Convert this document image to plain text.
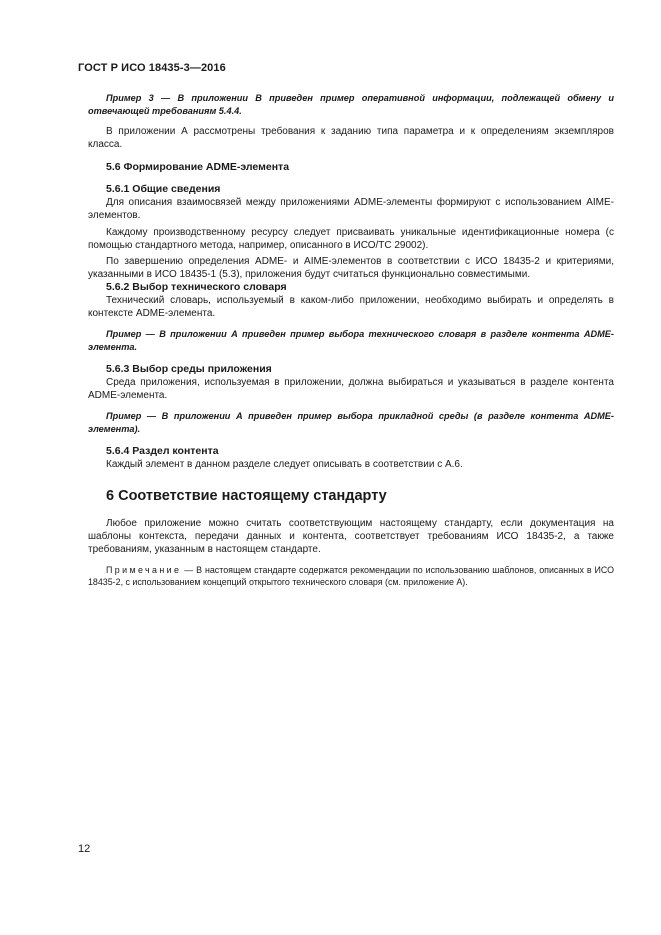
ГОСТ Р ИСО 18435-3—2016

Пример 3 — В приложении В приведен пример оперативной информации, подлежащей обмену и отвечающей требованиям 5.4.4.

В приложении А рассмотрены требования к заданию типа параметра и к определениям экземпляров класса.

5.6 Формирование ADME-элемента

5.6.1 Общие сведения

Для описания взаимосвязей между приложениями ADME-элементы формируют с использованием AIME-элементов.

Каждому производственному ресурсу следует присваивать уникальные идентификационные номера (с помощью стандартного метода, например, описанного в ИСО/ТС 29002).

По завершению определения ADME- и AIME-элементов в соответствии с ИСО 18435-2 и критериями, указанными в ИСО 18435-1 (5.3), приложения будут считаться функционально совместимыми.

5.6.2 Выбор технического словаря

Технический словарь, используемый в каком-либо приложении, необходимо выбирать и определять в контексте ADME-элемента.

Пример — В приложении А приведен пример выбора технического словаря в разделе контента ADME-элемента.

5.6.3 Выбор среды приложения

Среда приложения, используемая в приложении, должна выбираться и указываться в разделе контента ADME-элемента.

Пример — В приложении А приведен пример выбора прикладной среды (в разделе контента ADME-элемента).

5.6.4 Раздел контента

Каждый элемент в данном разделе следует описывать в соответствии с А.6.

6 Соответствие настоящему стандарту

Любое приложение можно считать соответствующим настоящему стандарту, если документация на шаблоны контекста, передачи данных и контента, соответствует требованиям ИСО 18435-2, а также требованиям, указанным в настоящем стандарте.

Примечание — В настоящем стандарте содержатся рекомендации по использованию шаблонов, описанных в ИСО 18435-2, с использованием концепций открытого технического словаря (см. приложение А).

12
